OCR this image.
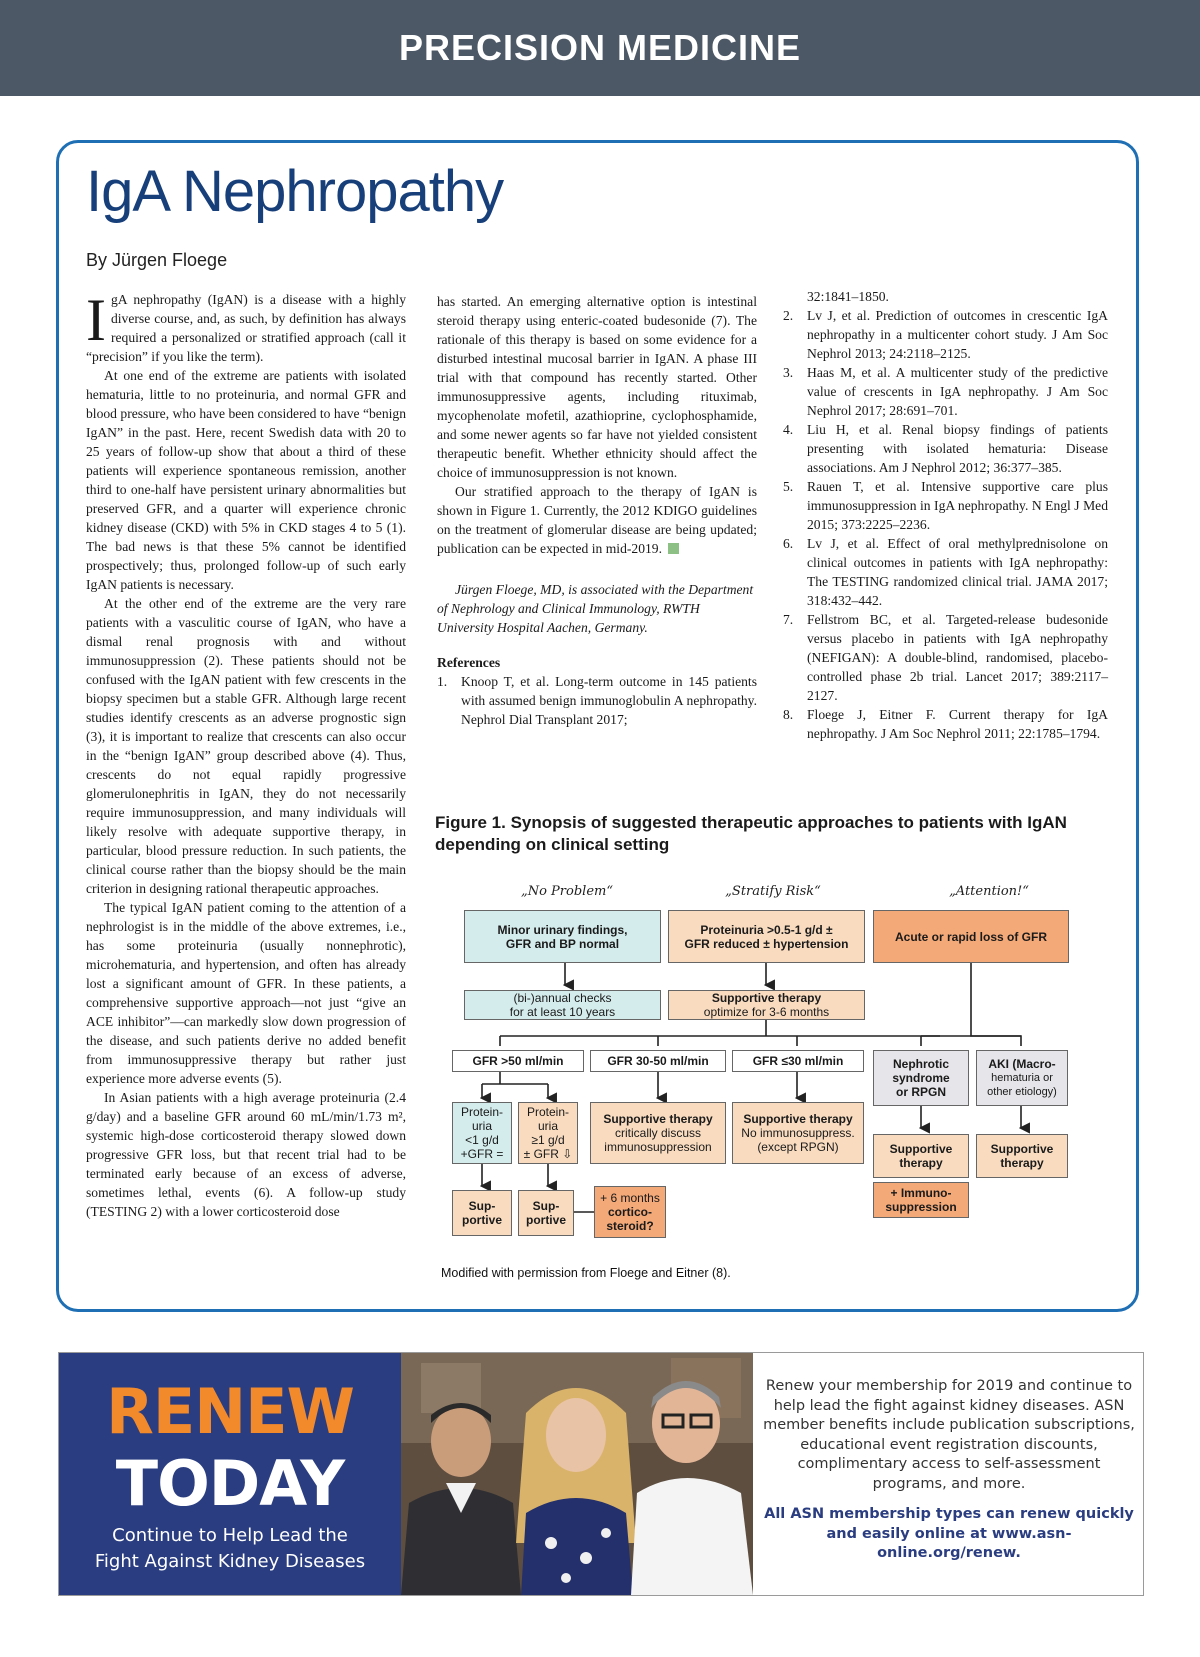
PRECISION MEDICINE
IgA Nephropathy
By Jürgen Floege

IgA nephropathy (IgAN) is a disease with a highly diverse course, and, as such, by definition has always required a personalized or stratified approach (call it “precision” if you like the term).

At one end of the extreme are patients with isolated hematuria, little to no proteinuria, and normal GFR and blood pressure, who have been considered to have “benign IgAN” in the past. Here, recent Swedish data with 20 to 25 years of follow-up show that about a third of these patients will experience spontaneous remission, another third to one-half have persistent urinary abnormalities but preserved GFR, and a quarter will experience chronic kidney disease (CKD) with 5% in CKD stages 4 to 5 (1). The bad news is that these 5% cannot be identified prospectively; thus, prolonged follow-up of such early IgAN patients is necessary.

At the other end of the extreme are the very rare patients with a vasculitic course of IgAN, who have a dismal renal prognosis with and without immunosuppression (2). These patients should not be confused with the IgAN patient with few crescents in the biopsy specimen but a stable GFR. Although large recent studies identify crescents as an adverse prognostic sign (3), it is important to realize that crescents can also occur in the “benign IgAN” group described above (4). Thus, crescents do not equal rapidly progressive glomerulonephritis in IgAN, they do not necessarily require immunosuppression, and many individuals will likely resolve with adequate supportive therapy, in particular, blood pressure reduction. In such patients, the clinical course rather than the biopsy should be the main criterion in designing rational therapeutic approaches.

The typical IgAN patient coming to the attention of a nephrologist is in the middle of the above extremes, i.e., has some proteinuria (usually nonnephrotic), microhematuria, and hypertension, and often has already lost a significant amount of GFR. In these patients, a comprehensive supportive approach—not just “give an ACE inhibitor”—can markedly slow down progression of the disease, and such patients derive no added benefit from immunosuppressive therapy but rather just experience more adverse events (5).

In Asian patients with a high average proteinuria (2.4 g/day) and a baseline GFR around 60 mL/min/1.73 m², systemic high-dose corticosteroid therapy slowed down progressive GFR loss, but that recent trial had to be terminated early because of an excess of adverse, sometimes lethal, events (6). A follow-up study (TESTING 2) with a lower corticosteroid dose

has started. An emerging alternative option is intestinal steroid therapy using enteric-coated budesonide (7). The rationale of this therapy is based on some evidence for a disturbed intestinal mucosal barrier in IgAN. A phase III trial with that compound has recently started. Other immunosuppressive agents, including rituximab, mycophenolate mofetil, azathioprine, cyclophosphamide, and some newer agents so far have not yielded consistent therapeutic benefit. Whether ethnicity should affect the choice of immunosuppression is not known.

Our stratified approach to the therapy of IgAN is shown in Figure 1. Currently, the 2012 KDIGO guidelines on the treatment of glomerular disease are being updated; publication can be expected in mid-2019.

Jürgen Floege, MD, is associated with the Department of Nephrology and Clinical Immunology, RWTH University Hospital Aachen, Germany.

References
1. Knoop T, et al. Long-term outcome in 145 patients with assumed benign immunoglobulin A nephropathy. Nephrol Dial Transplant 2017;
32:1841–1850.
2. Lv J, et al. Prediction of outcomes in crescentic IgA nephropathy in a multicenter cohort study. J Am Soc Nephrol 2013; 24:2118–2125.
3. Haas M, et al. A multicenter study of the predictive value of crescents in IgA nephropathy. J Am Soc Nephrol 2017; 28:691–701.
4. Liu H, et al. Renal biopsy findings of patients presenting with isolated hematuria: Disease associations. Am J Nephrol 2012; 36:377–385.
5. Rauen T, et al. Intensive supportive care plus immunosuppression in IgA nephropathy. N Engl J Med 2015; 373:2225–2236.
6. Lv J, et al. Effect of oral methylprednisolone on clinical outcomes in patients with IgA nephropathy: The TESTING randomized clinical trial. JAMA 2017; 318:432–442.
7. Fellstrom BC, et al. Targeted-release budesonide versus placebo in patients with IgA nephropathy (NEFIGAN): A double-blind, randomised, placebo-controlled phase 2b trial. Lancet 2017; 389:2117–2127.
8. Floege J, Eitner F. Current therapy for IgA nephropathy. J Am Soc Nephrol 2011; 22:1785–1794.
Figure 1. Synopsis of suggested therapeutic approaches to patients with IgAN depending on clinical setting
„No Problem“	„Stratify Risk“	„Attention!“
Minor urinary findings,
GFR and BP normal
Proteinuria >0.5-1 g/d ±
GFR reduced ± hypertension	Acute or rapid loss of GFR
(bi-)annual checks
for at least 10 years
Supportive therapy
optimize for 3-6 months
GFR >50 ml/min	GFR 30-50 ml/min	GFR ≤30 ml/min	Nephrotic
syndrome
or RPGN
AKI (Macro-
hematuria or
other etiology)
Protein-
uria
<1 g/d
+GFR =
Protein-
uria
≥1 g/d
± GFR ⇩
Supportive therapy
critically discuss
immunosuppression
Supportive therapy
No immunosuppress.
(except RPGN)	Supportive
therapy
Supportive
therapy
+ Immuno-
suppression
Sup-
portive
Sup-
portive
+ 6 months
cortico-
steroid?
Modified with permission from Floege and Eitner (8).
RENEW
TODAY
Continue to Help Lead the
Fight Against Kidney Diseases
Renew your membership for 2019 and continue to help lead the fight against kidney diseases. ASN member benefits include publication subscriptions, educational event registration discounts, complimentary access to self-assessment programs, and more.
All ASN membership types can renew quickly and easily online at www.asn-online.org/renew.
